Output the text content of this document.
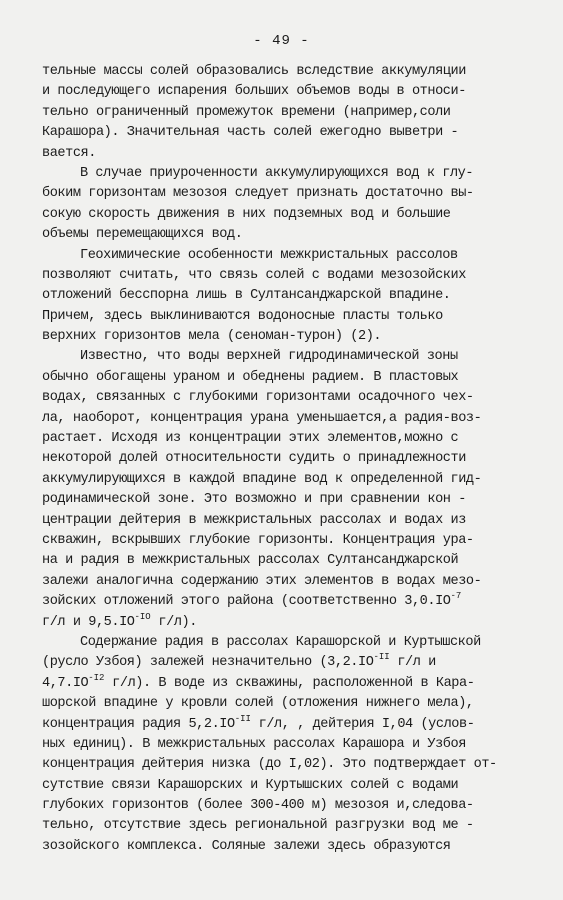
- 49 -
тельные массы солей образовались вследствие аккумуляции
и последующего испарения больших объемов воды в относи-
тельно ограниченный промежуток времени (например,соли
Карашора). Значительная часть солей ежегодно выветри -
вается.
В случае приуроченности аккумулирующихся вод к глу-
боким горизонтам мезозоя следует признать достаточно вы-
сокую скорость движения в них подземных вод и большие
объемы перемещающихся вод.
Геохимические особенности межкристальных рассолов
позволяют считать, что связь солей с водами мезозойских
отложений бесспорна лишь в Султансанджарской впадине.
Причем, здесь выклиниваются водоносные пласты только
верхних горизонтов мела (сеноман-турон) (2).
Известно, что воды верхней гидродинамической зоны
обычно обогащены ураном и обеднены радием. В пластовых
водах, связанных с глубокими горизонтами осадочного чех-
ла, наоборот, концентрация урана уменьшается,а радия-воз-
растает. Исходя из концентрации этих элементов,можно с
некоторой долей относительности судить о принадлежности
аккумулирующихся в каждой впадине вод к определенной гид-
родинамической зоне. Это возможно и при сравнении кон -
центрации дейтерия в межкристальных рассолах и водах из
скважин, вскрывших глубокие горизонты. Концентрация ура-
на и радия в межкристальных рассолах Султансанджарской
залежи аналогична содержанию этих элементов в водах мезо-
зойских отложений этого района (соответственно $3,0.IO^{-7}$
г/л и $9,5.IO^{-IO}$ г/л).
Содержание радия в рассолах Карашорской и Куртышской
(русло Узбоя) залежей незначительно ($3,2.IO^{-II}$ г/л и
$4,7.IO^{-I2}$ г/л). В воде из скважины, расположенной в Кара-
шорской впадине у кровли солей (отложения нижнего мела),
концентрация радия $5,2.IO^{-II}$ г/л, , дейтерия I,04 (услов-
ных единиц). В межкристальных рассолах Карашора и Узбоя
концентрация дейтерия низка (до I,02). Это подтверждает от-
сутствие связи Карашорских и Куртышских солей с водами
глубоких горизонтов (более 300-400 м) мезозоя и,следова-
тельно, отсутствие здесь региональной разгрузки вод ме -
зозойского комплекса. Соляные залежи здесь образуются
